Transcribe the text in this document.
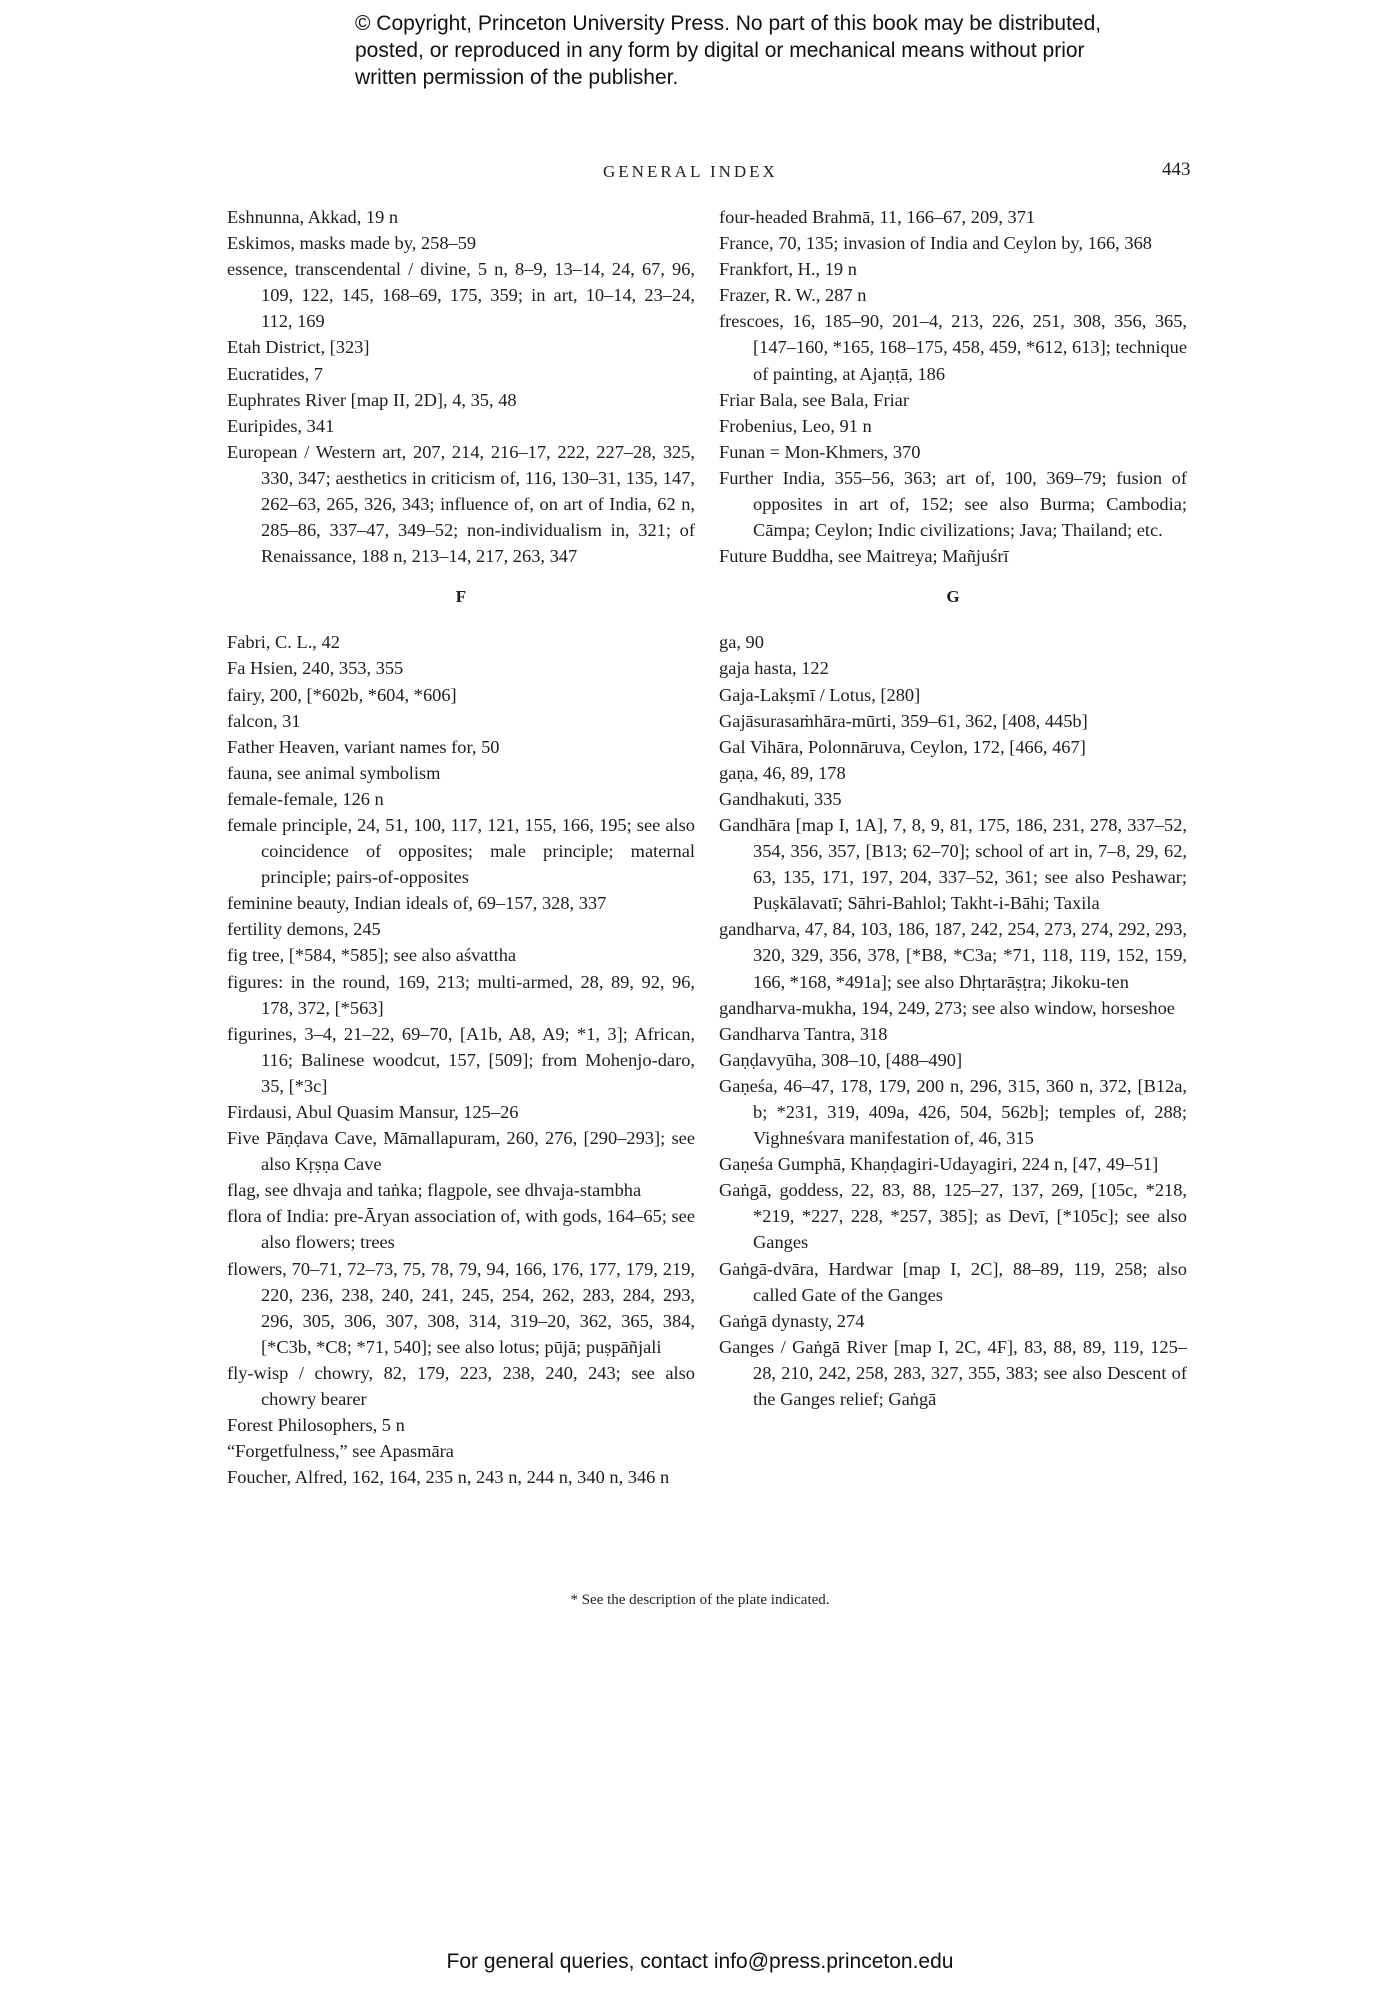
© Copyright, Princeton University Press. No part of this book may be distributed, posted, or reproduced in any form by digital or mechanical means without prior written permission of the publisher.
GENERAL INDEX	443
Eshnunna, Akkad, 19 n
Eskimos, masks made by, 258–59
essence, transcendental / divine, 5 n, 8–9, 13–14, 24, 67, 96, 109, 122, 145, 168–69, 175, 359; in art, 10–14, 23–24, 112, 169
Etah District, [323]
Eucratides, 7
Euphrates River [map II, 2D], 4, 35, 48
Euripides, 341
European / Western art, 207, 214, 216–17, 222, 227–28, 325, 330, 347; aesthetics in criticism of, 116, 130–31, 135, 147, 262–63, 265, 326, 343; influence of, on art of India, 62 n, 285–86, 337–47, 349–52; non-individualism in, 321; of Renaissance, 188 n, 213–14, 217, 263, 347
F
Fabri, C. L., 42
Fa Hsien, 240, 353, 355
fairy, 200, [*602b, *604, *606]
falcon, 31
Father Heaven, variant names for, 50
fauna, see animal symbolism
female-female, 126 n
female principle, 24, 51, 100, 117, 121, 155, 166, 195; see also coincidence of opposites; male principle; maternal principle; pairs-of-opposites
feminine beauty, Indian ideals of, 69–157, 328, 337
fertility demons, 245
fig tree, [*584, *585]; see also aśvattha
figures: in the round, 169, 213; multi-armed, 28, 89, 92, 96, 178, 372, [*563]
figurines, 3–4, 21–22, 69–70, [A1b, A8, A9; *1, 3]; African, 116; Balinese woodcut, 157, [509]; from Mohenjo-daro, 35, [*3c]
Firdausi, Abul Quasim Mansur, 125–26
Five Pāṇḍava Cave, Māmallapuram, 260, 276, [290–293]; see also Kṛṣṇa Cave
flag, see dhvaja and taṅka; flagpole, see dhvaja-stambha
flora of India: pre-Āryan association of, with gods, 164–65; see also flowers; trees
flowers, 70–71, 72–73, 75, 78, 79, 94, 166, 176, 177, 179, 219, 220, 236, 238, 240, 241, 245, 254, 262, 283, 284, 293, 296, 305, 306, 307, 308, 314, 319–20, 362, 365, 384, [*C3b, *C8; *71, 540]; see also lotus; pūjā; puṣpāñjali
fly-wisp / chowry, 82, 179, 223, 238, 240, 243; see also chowry bearer
Forest Philosophers, 5 n
“Forgetfulness,” see Apasmāra
Foucher, Alfred, 162, 164, 235 n, 243 n, 244 n, 340 n, 346 n
four-headed Brahmā, 11, 166–67, 209, 371
France, 70, 135; invasion of India and Ceylon by, 166, 368
Frankfort, H., 19 n
Frazer, R. W., 287 n
frescoes, 16, 185–90, 201–4, 213, 226, 251, 308, 356, 365, [147–160, *165, 168–175, 458, 459, *612, 613]; technique of painting, at Ajaṇṭā, 186
Friar Bala, see Bala, Friar
Frobenius, Leo, 91 n
Funan = Mon-Khmers, 370
Further India, 355–56, 363; art of, 100, 369–79; fusion of opposites in art of, 152; see also Burma; Cambodia; Cāmpa; Ceylon; Indic civilizations; Java; Thailand; etc.
Future Buddha, see Maitreya; Mañjuśrī
G
ga, 90
gaja hasta, 122
Gaja-Lakṣmī / Lotus, [280]
Gajāsurasaṁhāra-mūrti, 359–61, 362, [408, 445b]
Gal Vihāra, Polonnāruva, Ceylon, 172, [466, 467]
gaṇa, 46, 89, 178
Gandhakuti, 335
Gandhāra [map I, 1A], 7, 8, 9, 81, 175, 186, 231, 278, 337–52, 354, 356, 357, [B13; 62–70]; school of art in, 7–8, 29, 62, 63, 135, 171, 197, 204, 337–52, 361; see also Peshawar; Puṣkālavatī; Sāhri-Bahlol; Takht-i-Bāhi; Taxila
gandharva, 47, 84, 103, 186, 187, 242, 254, 273, 274, 292, 293, 320, 329, 356, 378, [*B8, *C3a; *71, 118, 119, 152, 159, 166, *168, *491a]; see also Dhṛtarāṣṭra; Jikoku-ten
gandharva-mukha, 194, 249, 273; see also window, horseshoe
Gandharva Tantra, 318
Gaṇḍavyūha, 308–10, [488–490]
Gaṇeśa, 46–47, 178, 179, 200 n, 296, 315, 360 n, 372, [B12a, b; *231, 319, 409a, 426, 504, 562b]; temples of, 288; Vighneśvara manifestation of, 46, 315
Gaṇeśa Gumphā, Khaṇḍagiri-Udayagiri, 224 n, [47, 49–51]
Gaṅgā, goddess, 22, 83, 88, 125–27, 137, 269, [105c, *218, *219, *227, 228, *257, 385]; as Devī, [*105c]; see also Ganges
Gaṅgā-dvāra, Hardwar [map I, 2C], 88–89, 119, 258; also called Gate of the Ganges
Gaṅgā dynasty, 274
Ganges / Gaṅgā River [map I, 2C, 4F], 83, 88, 89, 119, 125–28, 210, 242, 258, 283, 327, 355, 383; see also Descent of the Ganges relief; Gaṅgā
* See the description of the plate indicated.
For general queries, contact info@press.princeton.edu
